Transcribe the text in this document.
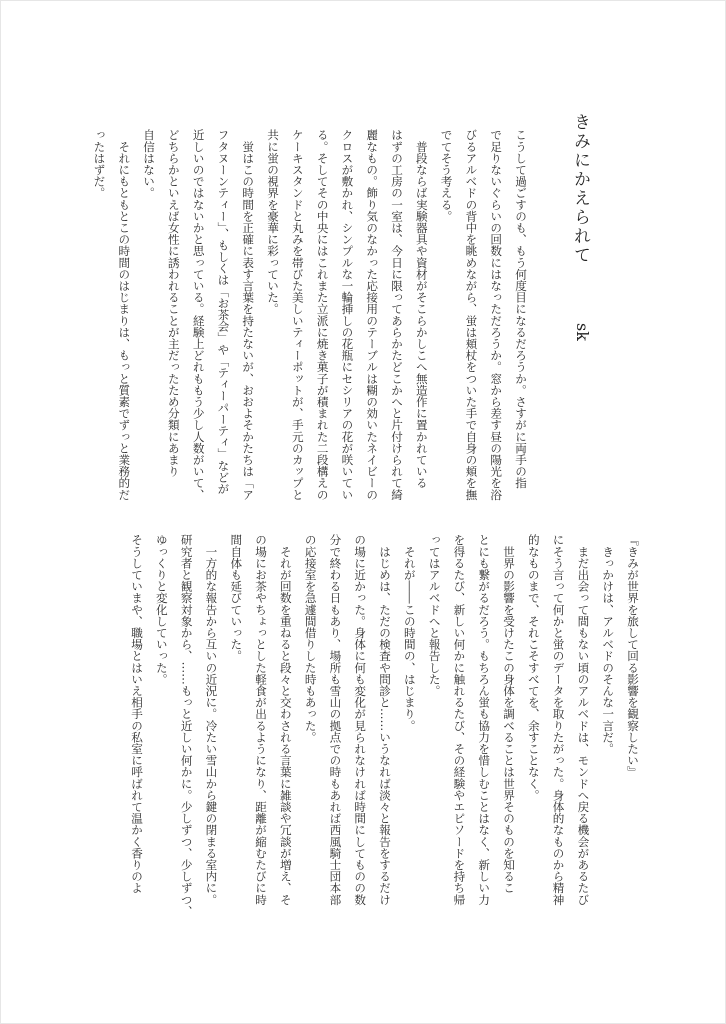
きみにかえられて
sk
こうして過ごすのも、もう何度目になるだろうか。さすがに両手の指
で足りないぐらいの回数にはなっただろうか。窓から差す昼の陽光を浴
びるアルベドの背中を眺めながら、蛍は頬杖をついた手で自身の頬を撫
でてそう考える。
　普段ならば実験器具や資材がそこらかしこへ無造作に置かれている
はずの工房の一室は、今日に限ってあらかたどこかへと片付けられて綺
麗なもの。飾り気のなかった応接用のテーブルは糊の効いたネイビーの
クロスが敷かれ、シンプルな一輪挿しの花瓶にセシリアの花が咲いてい
る。そしてその中央にはこれまた立派に焼き菓子が積まれた二段構えの
ケーキスタンドと丸みを帯びた美しいティーポットが、手元のカップと
共に蛍の視界を豪華に彩っていた。
　蛍はこの時間を正確に表す言葉を持たないが、おおよそかたちは「ア
フタヌーンティー」、もしくは「お茶会」や「ティーパーティ」などが
近しいのではないかと思っている。経験上どれももう少し人数がいて、
どちらかといえば女性に誘われることが主だったため分類にあまり
自信はない。
　それにもともとこの時間のはじまりは、もっと質素でずっと業務的だ
ったはずだ。
『きみが世界を旅して回る影響を観察したい』
　きっかけは、アルベドのそんな一言だ。
　まだ出会って間もない頃のアルベドは、モンドへ戻る機会があるたび
にそう言って何かと蛍のデータを取りたがった。身体的なものから精神
的なものまで、それこそすべてを、余すことなく。
　世界の影響を受けたこの身体を調べることは世界そのものを知るこ
とにも繋がるだろう。もちろん蛍も協力を惜しむことはなく、新しい力
を得るたび、新しい何かに触れるたび、その経験やエピソードを持ち帰
ってはアルベドへと報告した。
　それが――この時間の、はじまり。
　はじめは、ただの検査や問診と……いうなれば淡々と報告をするだけ
の場に近かった。身体に何も変化が見られなければ時間にしてものの数
分で終わる日もあり、場所も雪山の拠点での時もあれば西風騎士団本部
の応接室を急遽間借りした時もあった。
　それが回数を重ねると段々と交わされる言葉に雑談や冗談が増え、そ
の場にお茶やちょっとした軽食が出るようになり、距離が縮むたびに時
間自体も延びていった。
　一方的な報告から互いの近況に。冷たい雪山から鍵の閉まる室内に。
研究者と観察対象から、……もっと近しい何かに。少しずつ、少しずつ、
ゆっくりと変化していった。
そうしていまや、職場とはいえ相手の私室に呼ばれて温かく香りのよ
